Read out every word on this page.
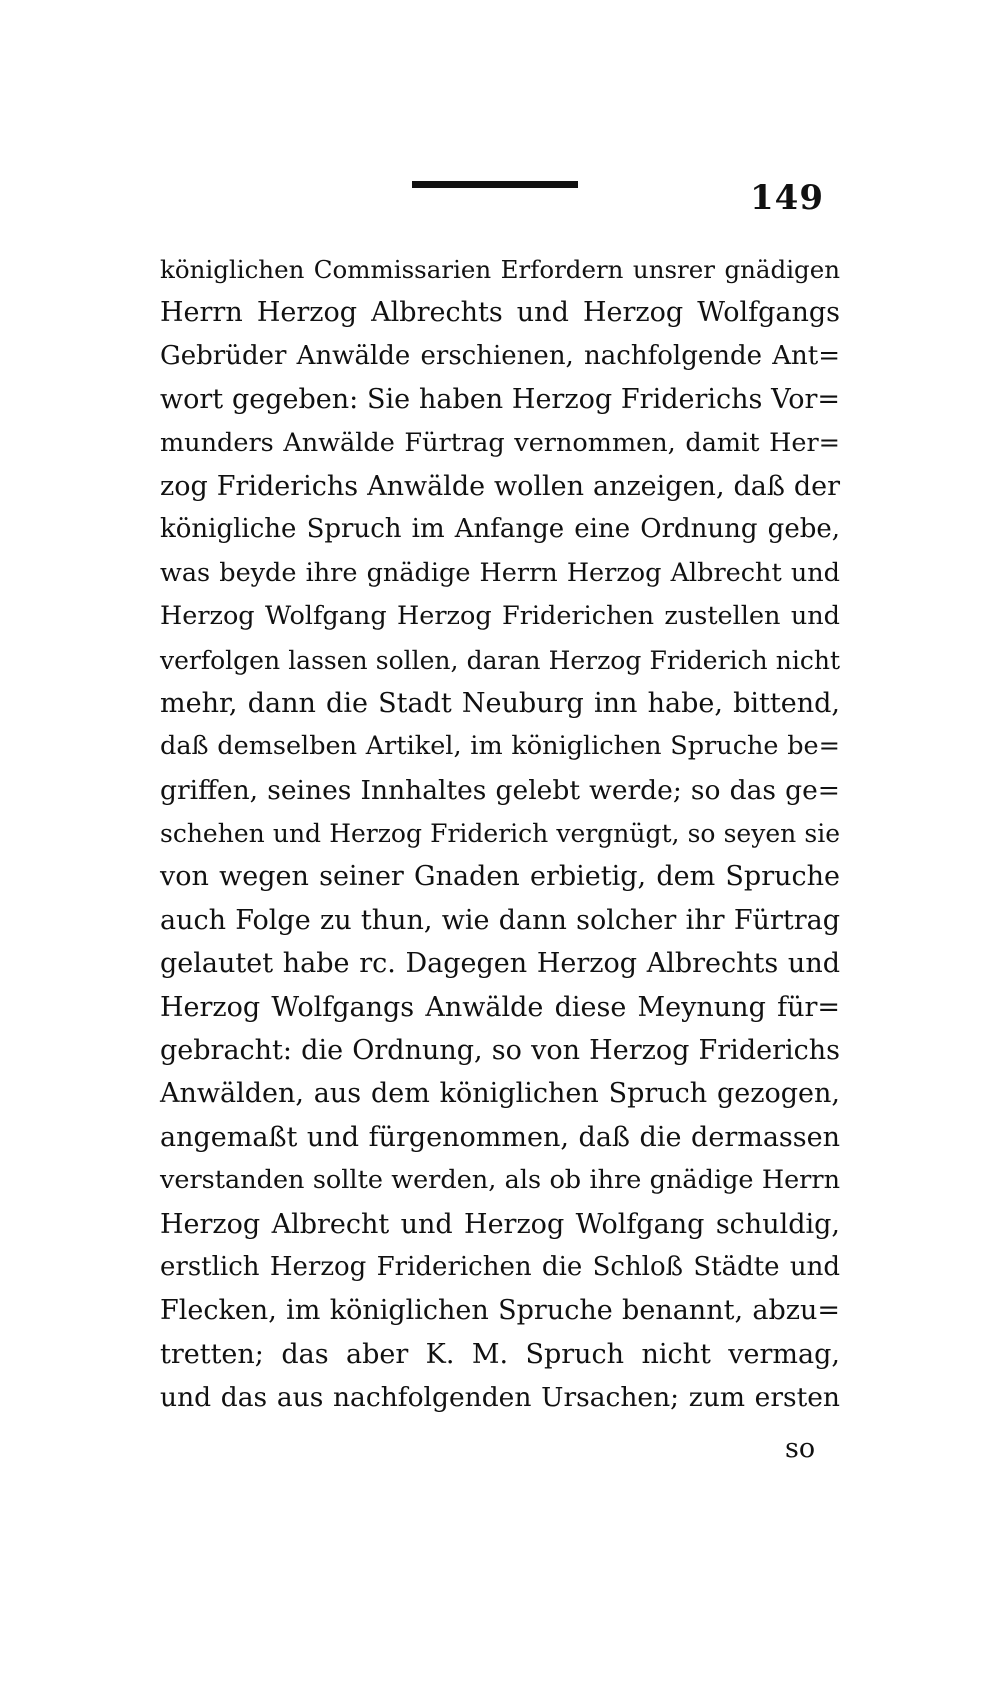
149
königlichen Commissarien Erfordern unsrer gnädigen
Herrn Herzog Albrechts und Herzog Wolfgangs
Gebrüder Anwälde erschienen, nachfolgende Ant=
wort gegeben: Sie haben Herzog Friderichs Vor=
munders Anwälde Fürtrag vernommen, damit Her=
zog Friderichs Anwälde wollen anzeigen, daß der
königliche Spruch im Anfange eine Ordnung gebe,
was beyde ihre gnädige Herrn Herzog Albrecht und
Herzog Wolfgang Herzog Friderichen zustellen und
verfolgen lassen sollen, daran Herzog Friderich nicht
mehr, dann die Stadt Neuburg inn habe, bittend,
daß demselben Artikel, im königlichen Spruche be=
griffen, seines Innhaltes gelebt werde; so das ge=
schehen und Herzog Friderich vergnügt, so seyen sie
von wegen seiner Gnaden erbietig, dem Spruche
auch Folge zu thun, wie dann solcher ihr Fürtrag
gelautet habe rc. Dagegen Herzog Albrechts und
Herzog Wolfgangs Anwälde diese Meynung für=
gebracht: die Ordnung, so von Herzog Friderichs
Anwälden, aus dem königlichen Spruch gezogen,
angemaßt und fürgenommen, daß die dermassen
verstanden sollte werden, als ob ihre gnädige Herrn
Herzog Albrecht und Herzog Wolfgang schuldig,
erstlich Herzog Friderichen die Schloß Städte und
Flecken, im königlichen Spruche benannt, abzu=
tretten; das aber K. M. Spruch nicht vermag,
und das aus nachfolgenden Ursachen; zum ersten
so
